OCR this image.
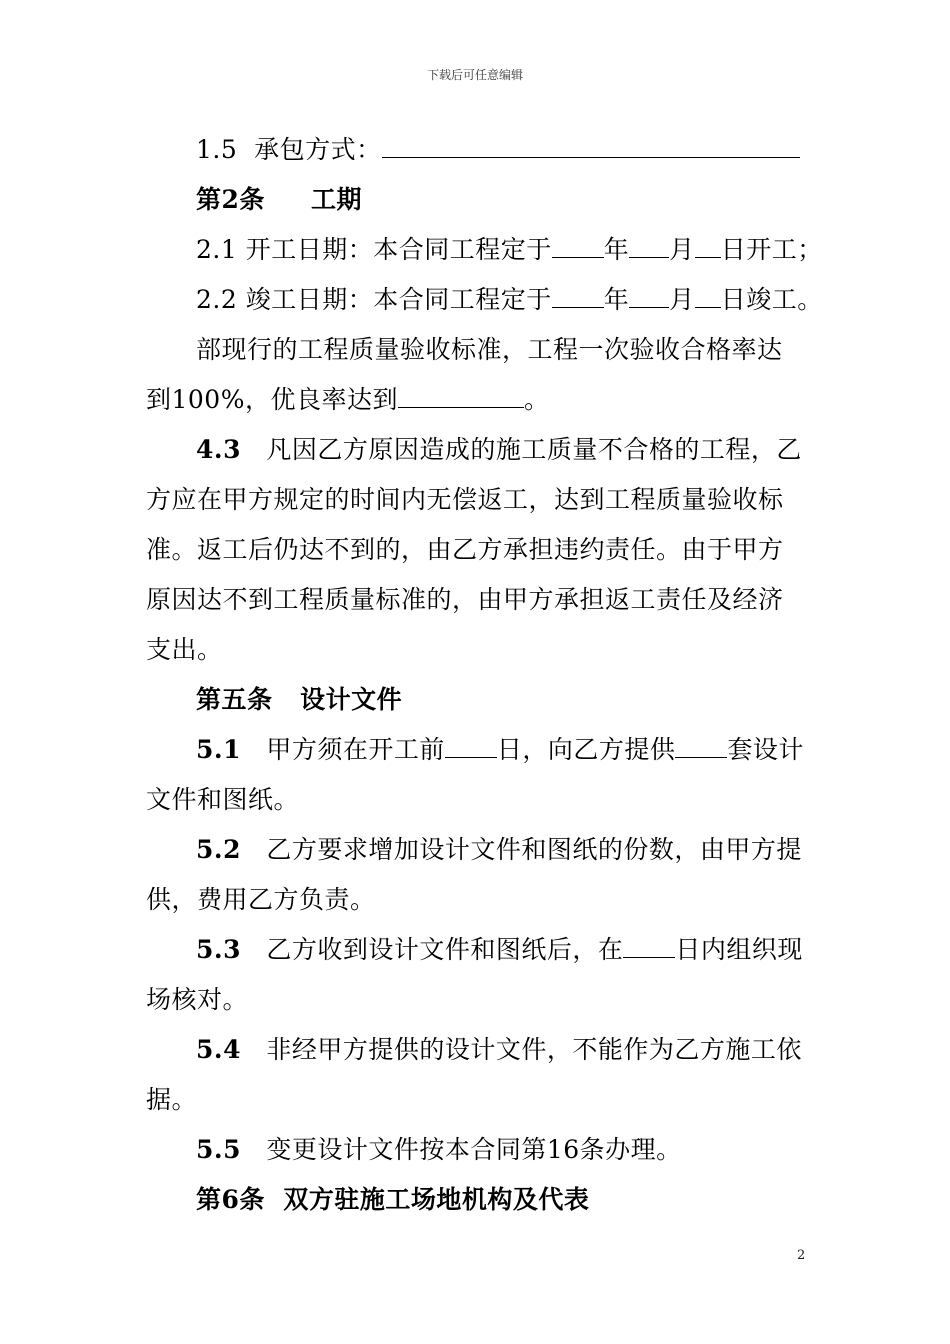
下载后可任意编辑
1.5 承包方式：
第2条 工期
2.1 开工日期：本合同工程定于 年 月 日开工；
2.2 竣工日期：本合同工程定于 年 月 日竣工。
部现行的工程质量验收标准，工程一次验收合格率达
到100%，优良率达到	。
4.3 凡因乙方原因造成的施工质量不合格的工程，乙
方应在甲方规定的时间内无偿返工，达到工程质量验收标
准。返工后仍达不到的，由乙方承担违约责任。由于甲方
原因达不到工程质量标准的，由甲方承担返工责任及经济
支出。
第五条 设计文件
5.1 甲方须在开工前 日，向乙方提供 套设计
文件和图纸。
5.2 乙方要求增加设计文件和图纸的份数，由甲方提
供，费用乙方负责。
5.3 乙方收到设计文件和图纸后，在 日内组织现
场核对。
5.4 非经甲方提供的设计文件，不能作为乙方施工依
据。
5.5 变更设计文件按本合同第16条办理。
第6条 双方驻施工场地机构及代表
2
